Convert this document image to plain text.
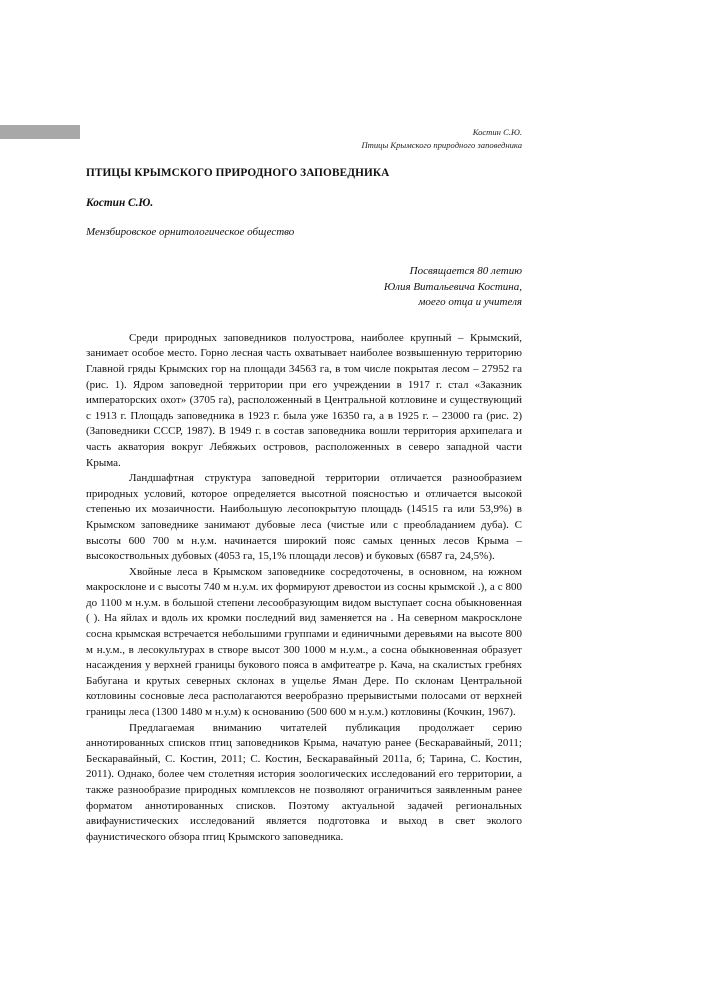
Костин С.Ю.
Птицы Крымского природного заповедника
ПТИЦЫ КРЫМСКОГО ПРИРОДНОГО ЗАПОВЕДНИКА
Костин С.Ю.
Мензбировское орнитологическое общество
Посвящается 80 летию
Юлия Витальевича Костина,
моего отца и учителя

Среди природных заповедников полуострова, наиболее крупный – Крымский, занимает особое место. Горно лесная часть охватывает наиболее возвышенную территорию Главной гряды Крымских гор на площади 34563 га, в том числе покрытая лесом – 27952 га (рис. 1). Ядром заповедной территории при его учреждении в 1917 г. стал «Заказник императорских охот» (3705 га), расположенный в Центральной котловине и существующий с 1913 г. Площадь заповедника в 1923 г. была уже 16350 га, а в 1925 г. – 23000 га (рис. 2) (Заповедники СССР, 1987). В 1949 г. в состав заповедника вошли территория архипелага и часть акватория вокруг Лебяжьих островов, расположенных в северо западной части Крыма.

Ландшафтная структура заповедной территории отличается разнообразием природных условий, которое определяется высотной поясностью и отличается высокой степенью их мозаичности. Наибольшую лесопокрытую площадь (14515 га или 53,9%) в Крымском заповеднике занимают дубовые леса (чистые или с преобладанием дуба). С высоты 600 700 м н.у.м. начинается широкий пояс самых ценных лесов Крыма – высокоствольных дубовых (4053 га, 15,1% площади лесов) и буковых (6587 га, 24,5%).

Хвойные леса в Крымском заповеднике сосредоточены, в основном, на южном макросклоне и с высоты 740 м н.у.м. их формируют древостои из сосны крымской .), а с 800 до 1100 м н.у.м. в большой степени лесообразующим видом выступает сосна обыкновенная ( ). На яйлах и вдоль их кромки последний вид заменяется на . На северном макросклоне сосна крымская встречается небольшими группами и единичными деревьями на высоте 800 м н.у.м., в лесокультурах в створе высот 300 1000 м н.у.м., а сосна обыкновенная образует насаждения у верхней границы букового пояса в амфитеатре р. Кача, на скалистых гребнях Бабугана и крутых северных склонах в ущелье Яман Дере. По склонам Центральной котловины сосновые леса располагаются вееробразно прерывистыми полосами от верхней границы леса (1300 1480 м н.у.м) к основанию (500 600 м н.у.м.) котловины (Кочкин, 1967).

Предлагаемая вниманию читателей публикация продолжает серию аннотированных списков птиц заповедников Крыма, начатую ранее (Бескаравайный, 2011; Бескаравайный, С. Костин, 2011; С. Костин, Бескаравайный 2011а, б; Тарина, С. Костин, 2011). Однако, более чем столетняя история зоологических исследований его территории, а также разнообразие природных комплексов не позволяют ограничиться заявленным ранее форматом аннотированных списков. Поэтому актуальной задачей региональных авифаунистических исследований является подготовка и выход в свет эколого фаунистического обзора птиц Крымского заповедника.
